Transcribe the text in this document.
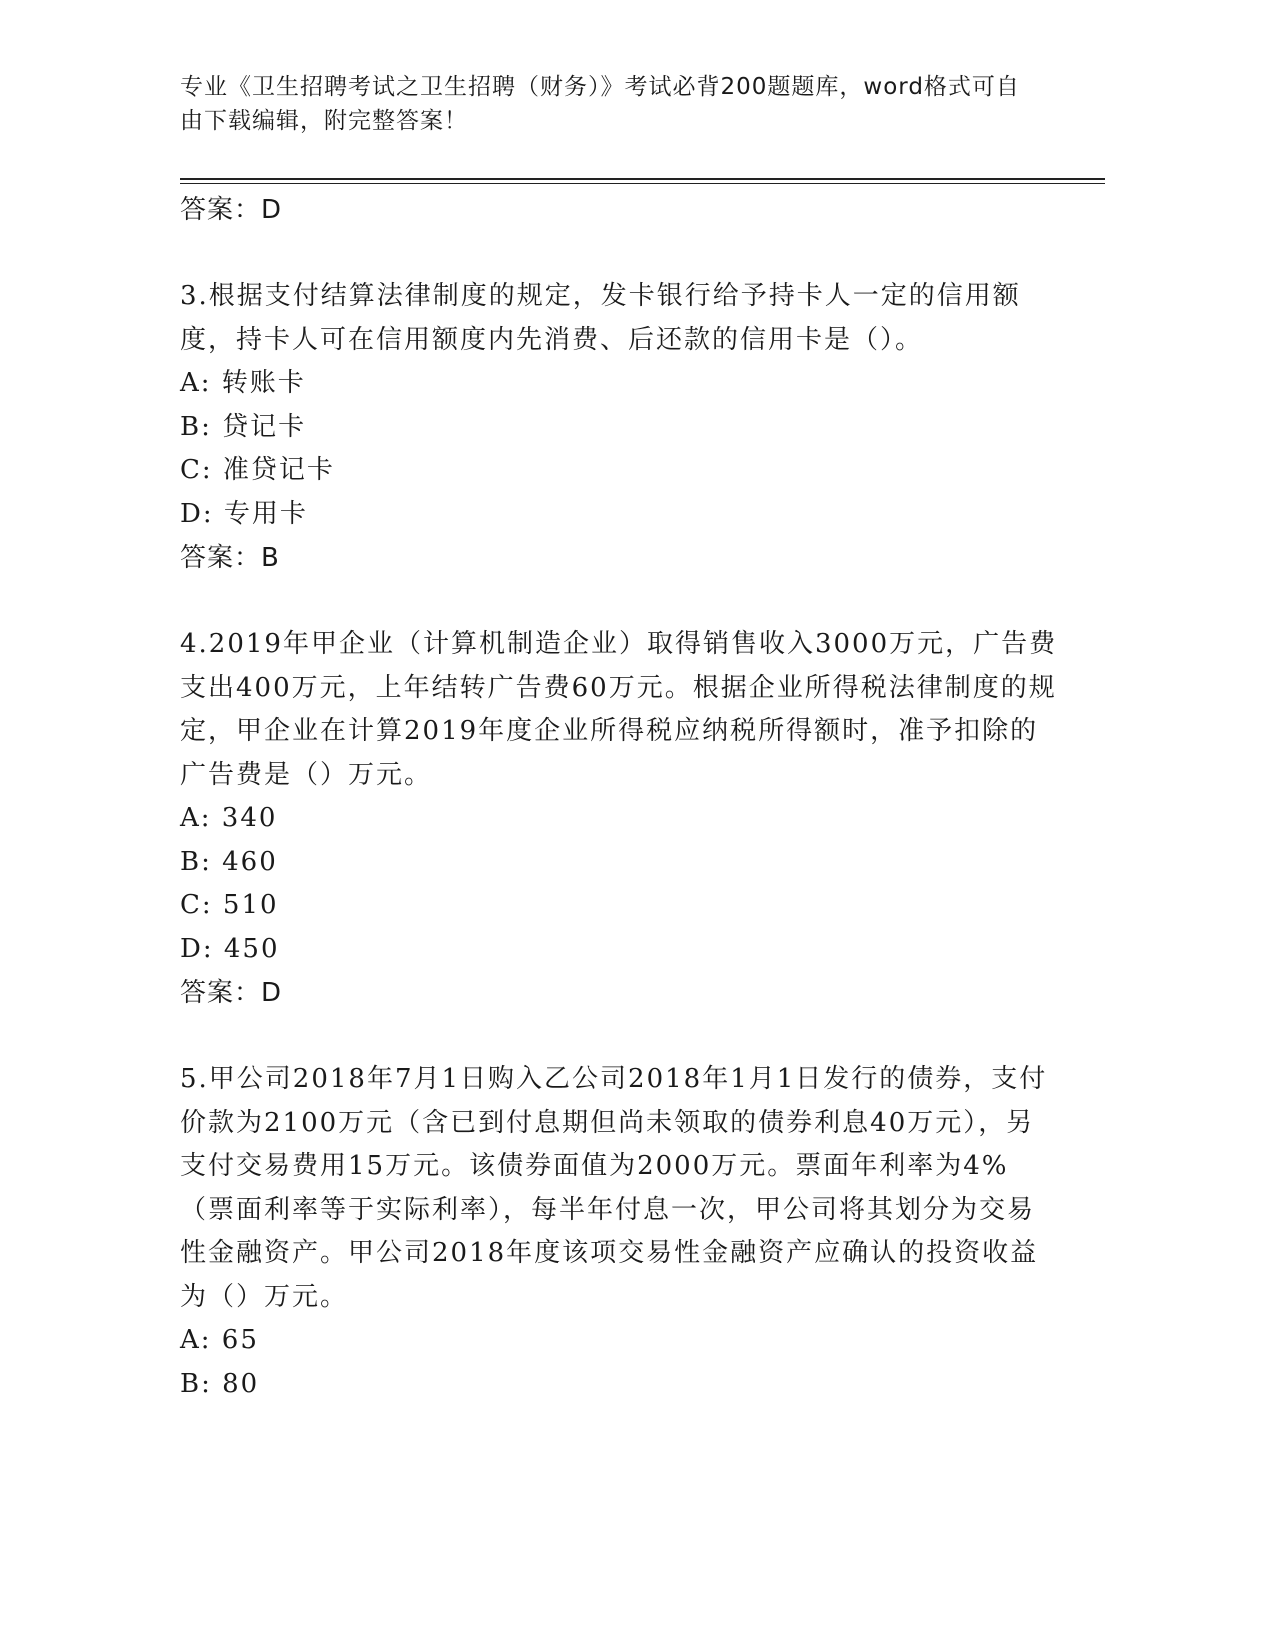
专业《卫生招聘考试之卫生招聘（财务）》考试必背200题题库，word格式可自由下载编辑，附完整答案！
答案：D
3.根据支付结算法律制度的规定，发卡银行给予持卡人一定的信用额度，持卡人可在信用额度内先消费、后还款的信用卡是（）。
A: 转账卡
B: 贷记卡
C: 准贷记卡
D: 专用卡
答案：B
4.2019年甲企业（计算机制造企业）取得销售收入3000万元，广告费支出400万元，上年结转广告费60万元。根据企业所得税法律制度的规定，甲企业在计算2019年度企业所得税应纳税所得额时，准予扣除的广告费是（）万元。
A: 340
B: 460
C: 510
D: 450
答案：D
5.甲公司2018年7月1日购入乙公司2018年1月1日发行的债券，支付价款为2100万元（含已到付息期但尚未领取的债券利息40万元），另支付交易费用15万元。该债券面值为2000万元。票面年利率为4%（票面利率等于实际利率），每半年付息一次，甲公司将其划分为交易性金融资产。甲公司2018年度该项交易性金融资产应确认的投资收益为（）万元。
A: 65
B: 80
